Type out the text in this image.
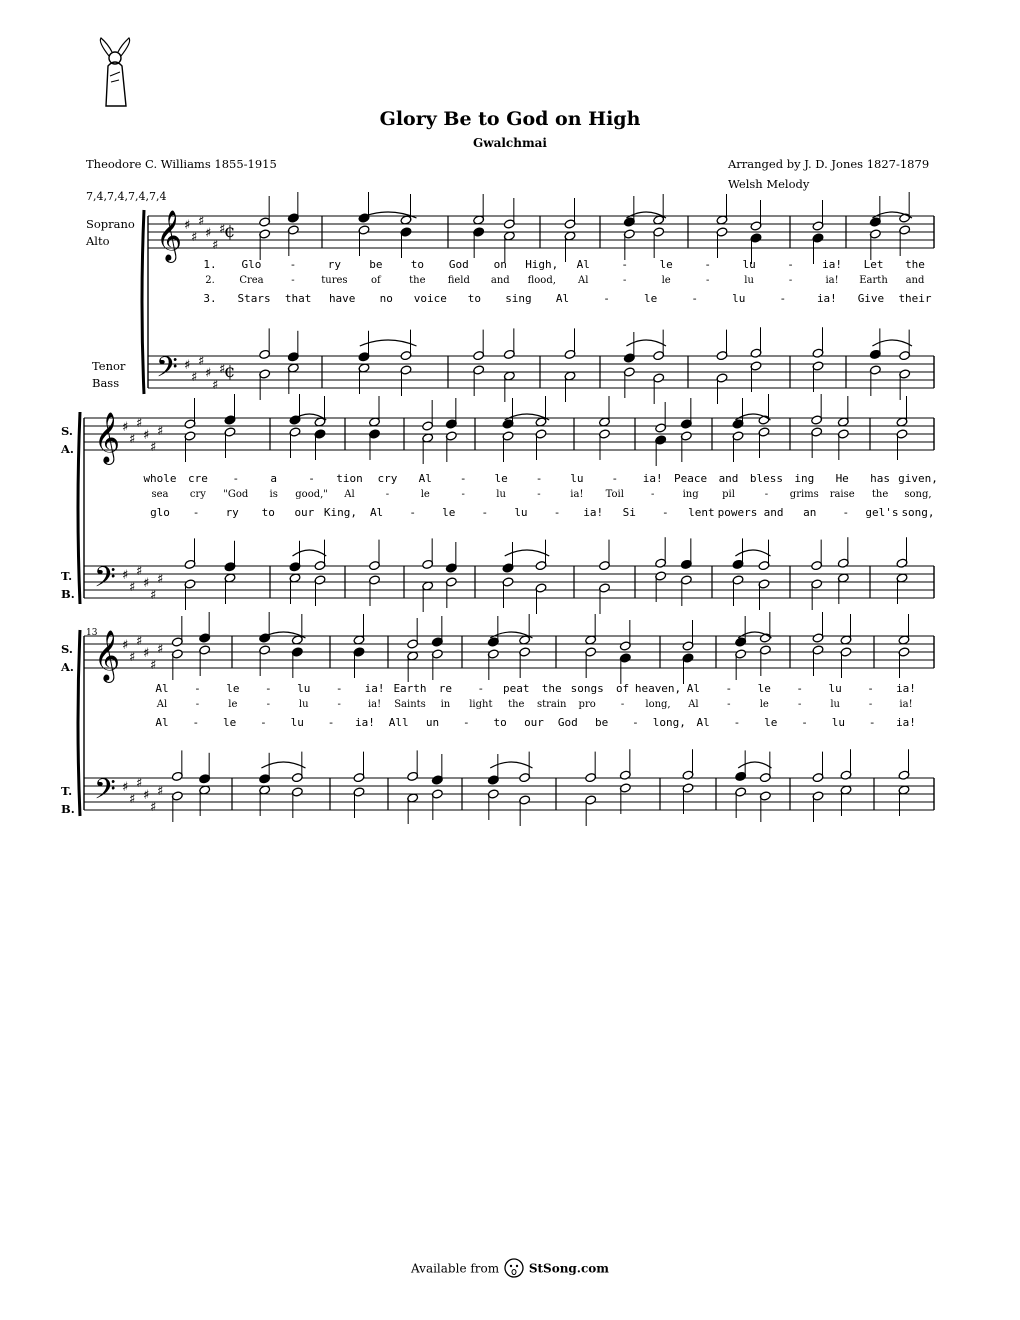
Glory Be to God on High
Gwalchmai
Theodore C. Williams 1855-1915	Arranged by J. D. Jones 1827-1879
Welsh Melody
7,4,7,4,7,4,7,4
Soprano
Alto
Tenor
Bass
S.
A.
T.
B.
S.
A.
T.
B.
13
𝄞
𝄢
♯
♯
♯
♯
♯
♯
♯
♯
♯
♯
♯
♯
¢
¢
𝄞
𝄢
♯
♯
♯
♯
♯
♯
♯
♯
♯
♯
♯
♯
𝄞
𝄢
♯
♯
♯
♯
♯
♯
♯
♯
♯
♯
♯
♯
1. Glo	-	ry	be	to God on High, Al	-	le	-	lu	-	ia! Let the
2. Crea	-	tures of	the field and flood, Al	-	le	-	lu	-	ia! Earth and
3. Stars that have no voice to sing Al	-	le	-	lu	-	ia! Give their
whole cre -	a	- tion cry Al	-	le	-	lu	- ia! Peace and bless ing He has given,
sea cry "God is good," Al	-	le	-	lu	-	ia! Toil	-	ing pil	- grims raise the song,
glo - ry to our King, Al - le - lu - ia! Si - lent powers and an - gel's song,
Al - le - lu - ia! Earth re - peat the songs of heaven, Al - le - lu - ia!
Al	-	le	-	lu	-	ia! Saints in light the strain pro	- long, Al	-	le	-	lu	-	ia!
Al - le - lu - ia! All un - to our God be - long, Al - le - lu - ia!
Available from StSong.com
